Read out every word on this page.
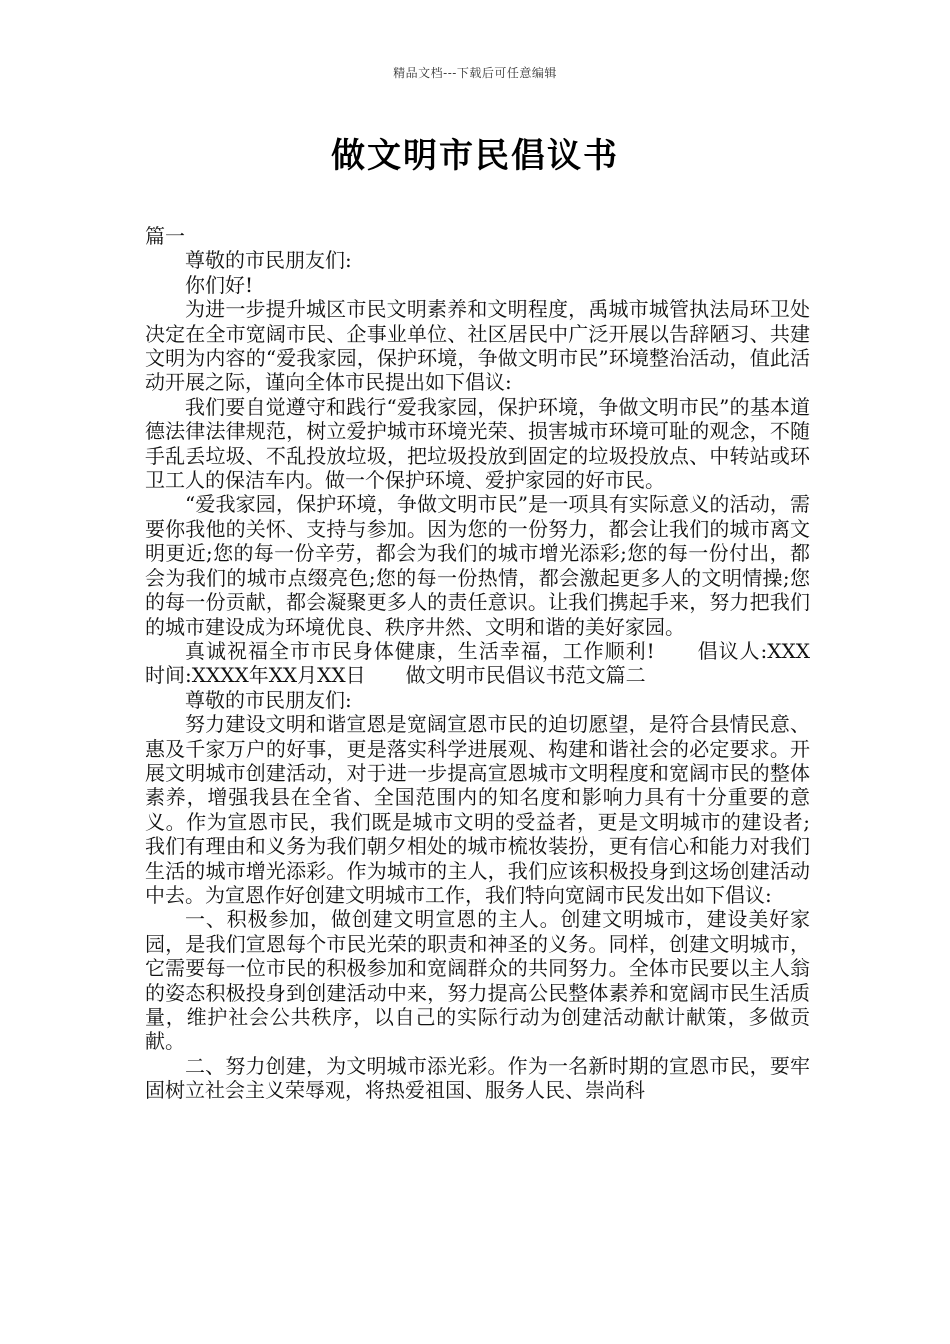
精品文档---下载后可任意编辑
做文明市民倡议书

篇一

尊敬的市民朋友们:

你们好!

为进一步提升城区市民文明素养和文明程度，禹城市城管执法局环卫处决定在全市宽阔市民、企事业单位、社区居民中广泛开展以告辞陋习、共建文明为内容的“爱我家园，保护环境，争做文明市民”环境整治活动，值此活动开展之际，谨向全体市民提出如下倡议:

我们要自觉遵守和践行“爱我家园，保护环境，争做文明市民”的基本道德法律法律规范，树立爱护城市环境光荣、损害城市环境可耻的观念，不随手乱丢垃圾、不乱投放垃圾，把垃圾投放到固定的垃圾投放点、中转站或环卫工人的保洁车内。做一个保护环境、爱护家园的好市民。

“爱我家园，保护环境，争做文明市民”是一项具有实际意义的活动，需要你我他的关怀、支持与参加。因为您的一份努力，都会让我们的城市离文明更近;您的每一份辛劳，都会为我们的城市增光添彩;您的每一份付出，都会为我们的城市点缀亮色;您的每一份热情，都会激起更多人的文明情操;您的每一份贡献，都会凝聚更多人的责任意识。让我们携起手来，努力把我们的城市建设成为环境优良、秩序井然、文明和谐的美好家园。

真诚祝福全市市民身体健康，生活幸福，工作顺利!　　倡议人:XXX　　时间:XXXX年XX月XX日　　做文明市民倡议书范文篇二

尊敬的市民朋友们:

努力建设文明和谐宣恩是宽阔宣恩市民的迫切愿望，是符合县情民意、惠及千家万户的好事，更是落实科学进展观、构建和谐社会的必定要求。开展文明城市创建活动，对于进一步提高宣恩城市文明程度和宽阔市民的整体素养，增强我县在全省、全国范围内的知名度和影响力具有十分重要的意义。作为宣恩市民，我们既是城市文明的受益者，更是文明城市的建设者;我们有理由和义务为我们朝夕相处的城市梳妆装扮，更有信心和能力对我们生活的城市增光添彩。作为城市的主人，我们应该积极投身到这场创建活动中去。为宣恩作好创建文明城市工作，我们特向宽阔市民发出如下倡议:

一、积极参加，做创建文明宣恩的主人。创建文明城市，建设美好家园，是我们宣恩每个市民光荣的职责和神圣的义务。同样，创建文明城市，它需要每一位市民的积极参加和宽阔群众的共同努力。全体市民要以主人翁的姿态积极投身到创建活动中来，努力提高公民整体素养和宽阔市民生活质量，维护社会公共秩序，以自己的实际行动为创建活动献计献策，多做贡献。

二、努力创建，为文明城市添光彩。作为一名新时期的宣恩市民，要牢固树立社会主义荣辱观，将热爱祖国、服务人民、崇尚科
